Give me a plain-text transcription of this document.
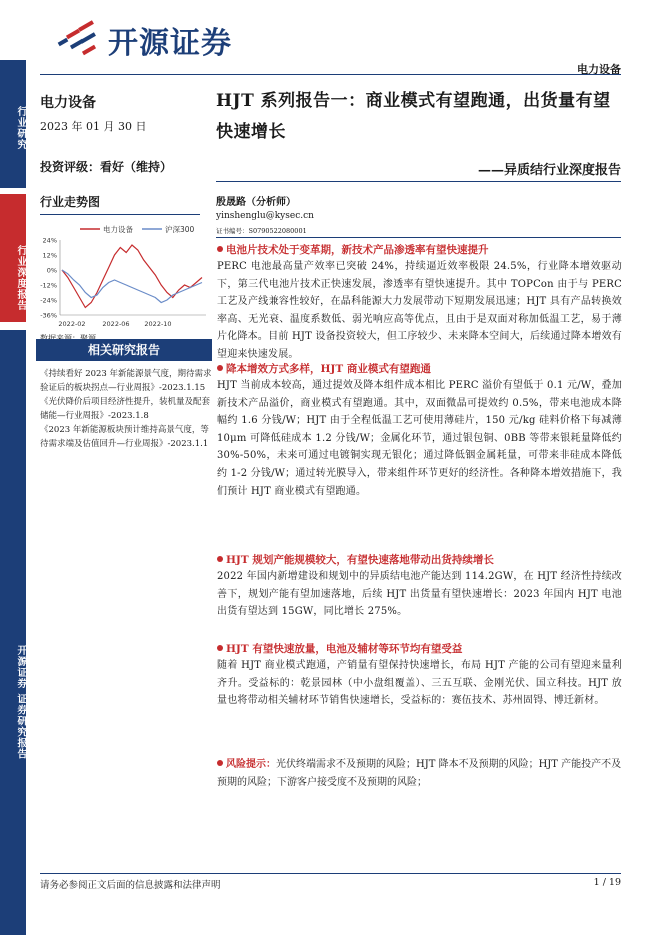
开源证券
电力设备
行业研究
行业深度报告
开源证券 证券研究报告
电力设备
2023 年 01 月 30 日
投资评级：看好（维持）
行业走势图
电力设备	沪深300
24%
12%
0%
-12%
-24%
-36%
2022-02	2022-06 2022-10
相关研究报告

《持续看好 2023 年新能源景气度，期待需求验证后的板块拐点—行业周报》-2023.1.15

《光伏降价后项目经济性提升，装机量及配套储能—行业周报》-2023.1.8

《2023 年新能源板块预计维持高景气度，等待需求端及估值回升—行业周报》-2023.1.1

HJT 系列报告一：商业模式有望跑通，出货量有望快速增长
——异质结行业深度报告
殷晟路（分析师）
yinshenglu@kysec.cn
证书编号：S0790522080001
电池片技术处于变革期，新技术产品渗透率有望快速提升
PERC 电池最高量产效率已突破 24%，持续逼近效率极限 24.5%，行业降本增效驱动下，第三代电池片技术正快速发展，渗透率有望快速提升。其中 TOPCon 由于与 PERC 工艺及产线兼容性较好，在晶科能源大力发展带动下短期发展迅速；HJT 具有产品转换效率高、无光衰、温度系数低、弱光响应高等优点，且由于是双面对称加低温工艺，易于薄片化降本。目前 HJT 设备投资较大，但工序较少、未来降本空间大，后续通过降本增效有望迎来快速发展。
降本增效方式多样，HJT 商业模式有望跑通
HJT 当前成本较高，通过提效及降本组件成本相比 PERC 溢价有望低于 0.1 元/W，叠加新技术产品溢价，商业模式有望跑通。其中，双面微晶可提效约 0.5%，带来电池成本降幅约 1.6 分钱/W；HJT 由于全程低温工艺可使用薄硅片，150 元/kg 硅料价格下每减薄 10μm 可降低硅成本 1.2 分钱/W；金属化环节，通过银包铜、0BB 等带来银耗量降低约 30%-50%，未来可通过电镀铜实现无银化；通过降低铟金属耗量，可带来非硅成本降低约 1-2 分钱/W；通过转光膜导入，带来组件环节更好的经济性。各种降本增效措施下，我们预计 HJT 商业模式有望跑通。
HJT 规划产能规模较大，有望快速落地带动出货持续增长
2022 年国内新增建设和规划中的异质结电池产能达到 114.2GW，在 HJT 经济性持续改善下，规划产能有望加速落地，后续 HJT 出货量有望快速增长：2023 年国内 HJT 电池出货有望达到 15GW，同比增长 275%。
HJT 有望快速放量，电池及辅材等环节均有望受益
随着 HJT 商业模式跑通，产销量有望保持快速增长，布局 HJT 产能的公司有望迎来量利齐升。受益标的：乾景园林（中小盘组覆盖）、三五互联、金刚光伏、国立科技。HJT 放量也将带动相关辅材环节销售快速增长，受益标的：赛伍技术、苏州固锝、博迁新材。
风险提示：光伏终端需求不及预期的风险；HJT 降本不及预期的风险；HJT 产能投产不及预期的风险；下游客户接受度不及预期的风险；
请务必参阅正文后面的信息披露和法律声明	1 / 19
